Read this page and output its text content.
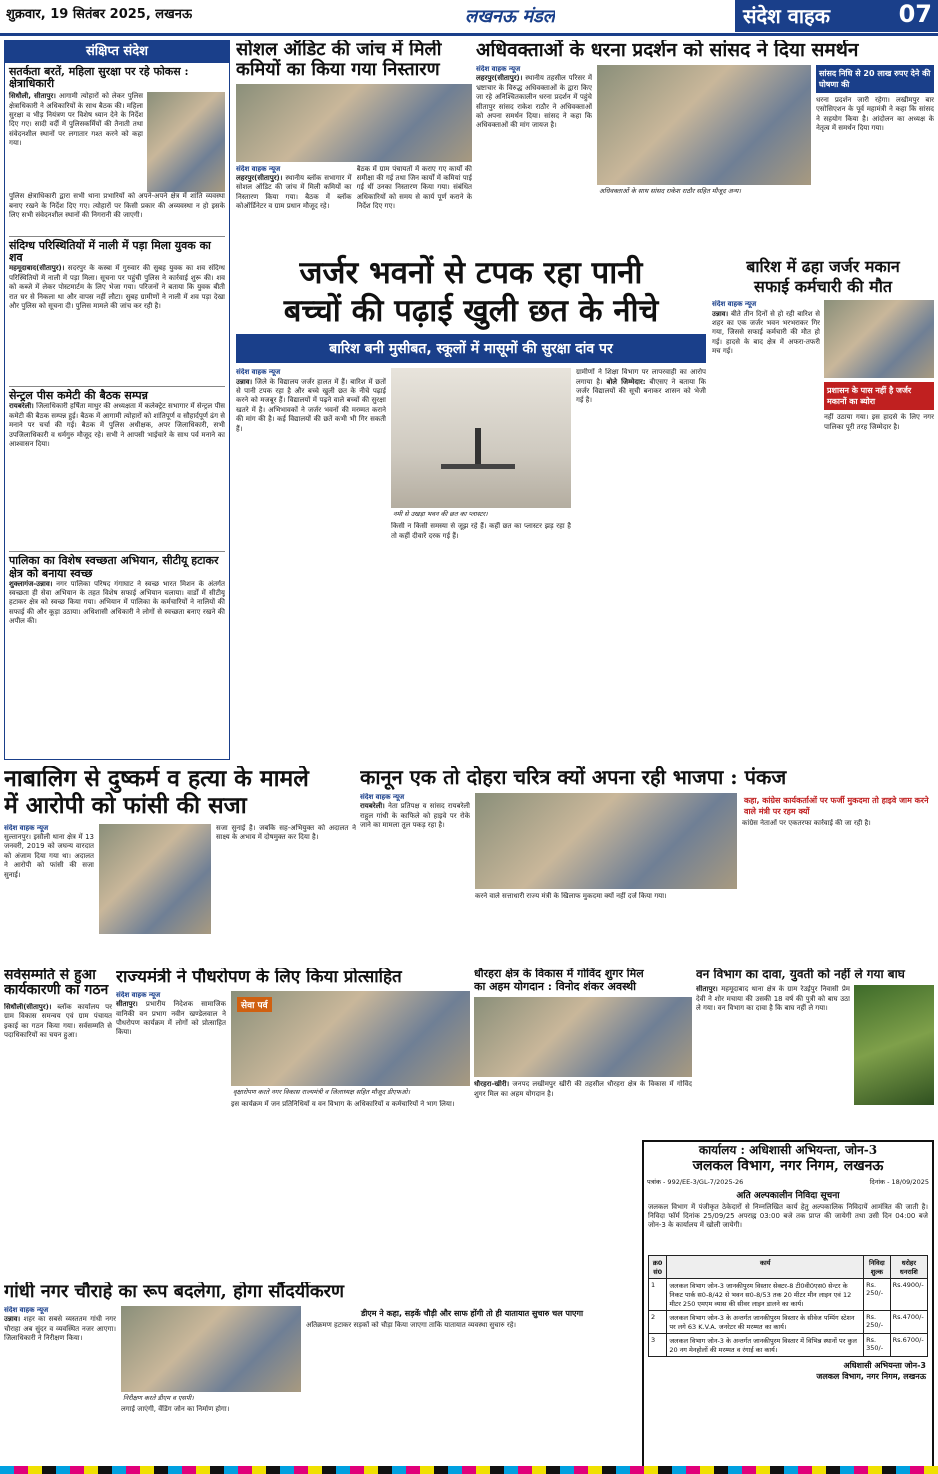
शुक्रवार, 19 सितंबर 2025, लखनऊ	लखनऊ मंडल	संदेश वाहक	07
संक्षिप्त संदेश
सतर्कता बरतें, महिला सुरक्षा पर रहे फोकस : क्षेत्राधिकारी
सिधौली, सीतापुर। आगामी त्योहारों को लेकर पुलिस क्षेत्राधिकारी ने अधिकारियों के साथ बैठक की। महिला सुरक्षा व भीड़ नियंत्रण पर विशेष ध्यान देने के निर्देश दिए गए। सादी वर्दी में पुलिसकर्मियों की तैनाती तथा संवेदनशील स्थानों पर लगातार गश्त करने को कहा गया।
पुलिस क्षेत्राधिकारी द्वारा सभी थाना प्रभारियों को अपने-अपने क्षेत्र में शांति व्यवस्था बनाए रखने के निर्देश दिए गए। त्योहारों पर किसी प्रकार की अव्यवस्था न हो इसके लिए सभी संवेदनशील स्थानों की निगरानी की जाएगी।
संदिग्ध परिस्थितियों में नाली में पड़ा मिला युवक का शव
महमूदाबाद(सीतापुर)। सदरपुर के कस्बा में गुरुवार की सुबह युवक का शव संदिग्ध परिस्थितियों में नाली में पड़ा मिला। सूचना पर पहुंची पुलिस ने कार्रवाई शुरू की। शव को कब्जे में लेकर पोस्टमार्टम के लिए भेजा गया। परिजनों ने बताया कि युवक बीती रात घर से निकला था और वापस नहीं लौटा। सुबह ग्रामीणों ने नाली में शव पड़ा देखा और पुलिस को सूचना दी। पुलिस मामले की जांच कर रही है।
सेन्ट्रल पीस कमेटी की बैठक सम्पन्न
रायबरेली। जिलाधिकारी हर्षिता माथुर की अध्यक्षता में कलेक्ट्रेट सभागार में सेन्ट्रल पीस कमेटी की बैठक सम्पन्न हुई। बैठक में आगामी त्योहारों को शांतिपूर्ण व सौहार्दपूर्ण ढंग से मनाने पर चर्चा की गई। बैठक में पुलिस अधीक्षक, अपर जिलाधिकारी, सभी उपजिलाधिकारी व धर्मगुरु मौजूद रहे। सभी ने आपसी भाईचारे के साथ पर्व मनाने का आश्वासन दिया।
पालिका का विशेष स्वच्छता अभियान, सीटीयू हटाकर क्षेत्र को बनाया स्वच्छ
शुक्लागंज-उन्नाव। नगर पालिका परिषद गंगाघाट ने स्वच्छ भारत मिशन के अंतर्गत स्वच्छता ही सेवा अभियान के तहत विशेष सफाई अभियान चलाया। वार्डों में सीटीयू हटाकर क्षेत्र को स्वच्छ किया गया। अभियान में पालिका के कर्मचारियों ने नालियों की सफाई की और कूड़ा उठाया। अधिशासी अधिकारी ने लोगों से स्वच्छता बनाए रखने की अपील की।
सोशल ऑडिट की जांच में मिली कमियों का किया गया निस्तारण
संदेश वाहक न्यूज
लहरपुर(सीतापुर)। स्थानीय ब्लॉक सभागार में सोशल ऑडिट की जांच में मिली कमियों का निस्तारण किया गया। बैठक में ब्लॉक कोऑर्डिनेटर व ग्राम प्रधान मौजूद रहे।
बैठक में ग्राम पंचायतों में कराए गए कार्यों की समीक्षा की गई तथा जिन कार्यों में कमियां पाई गई थीं उनका निस्तारण किया गया। संबंधित अधिकारियों को समय से कार्य पूर्ण कराने के निर्देश दिए गए।
अधिवक्ताओं के धरना प्रदर्शन को सांसद ने दिया समर्थन
संदेश वाहक न्यूज
लहरपुर(सीतापुर)। स्थानीय तहसील परिसर में भ्रष्टाचार के विरुद्ध अधिवक्ताओं के द्वारा किए जा रहे अनिश्चितकालीन धरना प्रदर्शन में पहुंचे सीतापुर सांसद राकेश राठौर ने अधिवक्ताओं को अपना समर्थन दिया। सांसद ने कहा कि अधिवक्ताओं की मांग जायज है।
अधिवक्ताओं के साथ सांसद राकेश राठौर सहित मौजूद अन्य।
सांसद निधि से 20 लाख रुपए देने की घोषणा की
धरना प्रदर्शन जारी रहेगा। लखीमपुर बार एसोसिएशन के पूर्व महामंत्री ने कहा कि सांसद ने सहयोग किया है। आंदोलन का अध्यक्ष के नेतृत्व में समर्थन दिया गया।
जर्जर भवनों से टपक रहा पानी
बच्चों की पढ़ाई खुली छत के नीचे
बारिश बनी मुसीबत, स्कूलों में मासूमों की सुरक्षा दांव पर
संदेश वाहक न्यूज
उन्नाव। जिले के विद्यालय जर्जर हालत में हैं। बारिश में छतों से पानी टपक रहा है और बच्चे खुली छत के नीचे पढ़ाई करने को मजबूर हैं। विद्यालयों में पढ़ने वाले बच्चों की सुरक्षा खतरे में है। अभिभावकों ने जर्जर भवनों की मरम्मत कराने की मांग की है। कई विद्यालयों की छतें कभी भी गिर सकती हैं।
नमी से उखड़ा भवन की छत का प्लास्टर।
किसी न किसी समस्या से जूझ रहे हैं। कहीं छत का प्लास्टर झड़ रहा है तो कहीं दीवारें दरक गई हैं।
ग्रामीणों ने शिक्षा विभाग पर लापरवाही का आरोप लगाया है। बोले जिम्मेदार: बीएसए ने बताया कि जर्जर विद्यालयों की सूची बनाकर शासन को भेजी गई है।
बारिश में ढहा जर्जर मकान
सफाई कर्मचारी की मौत
संदेश वाहक न्यूज
उन्नाव। बीते तीन दिनों से हो रही बारिश से शहर का एक जर्जर भवन भरभराकर गिर गया, जिससे सफाई कर्मचारी की मौत हो गई। हादसे के बाद क्षेत्र में अफरा-तफरी मच गई।
प्रशासन के पास नहीं है जर्जर मकानों का ब्योरा
नहीं उठाया गया। इस हादसे के लिए नगर पालिका पूरी तरह जिम्मेदार है।
नाबालिग से दुष्कर्म व हत्या के मामले
में आरोपी को फांसी की सजा
संदेश वाहक न्यूज
सुल्तानपुर। इसौली थाना क्षेत्र में 13 जनवरी, 2019 को जघन्य वारदात को अंजाम दिया गया था। अदालत ने आरोपी को फांसी की सजा सुनाई।
सजा सुनाई है। जबकि सह-अभियुक्त को अदालत ने साक्ष्य के अभाव में दोषमुक्त कर दिया है।
कानून एक तो दोहरा चरित्र क्यों अपना रही भाजपा : पंकज
संदेश वाहक न्यूज
रायबरेली। नेता प्रतिपक्ष व सांसद रायबरेली राहुल गांधी के काफिले को हाइवे पर रोके जाने का मामला तूल पकड़ रहा है।
करने वाले सत्ताधारी राज्य मंत्री के खिलाफ मुकदमा क्यों नहीं दर्ज किया गया।
कहा, कांग्रेस कार्यकर्ताओं पर फर्जी मुकदमा तो हाइवे जाम करने वाले मंत्री पर रहम क्यों
कांग्रेस नेताओं पर एकतरफा कार्रवाई की जा रही है।
सर्वसम्मति से हुआ कार्यकारणी का गठन
सिधौली(सीतापुर)। ब्लॉक कार्यालय पर ग्राम विकास समन्वय एवं ग्राम पंचायत इकाई का गठन किया गया। सर्वसम्मति से पदाधिकारियों का चयन हुआ।
राज्यमंत्री ने पौधरोपण के लिए किया प्रोत्साहित
संदेश वाहक न्यूज
सीतापुर। प्रभारीय निदेशक सामाजिक वानिकी वन प्रभाग नवीन खण्डेलवाल ने पौधरोपण कार्यक्रम में लोगों को प्रोत्साहित किया।
सेवा पर्व
वृक्षारोपण करते नगर विकास राज्यमंत्री व जिलाध्यक्ष सहित मौजूद डीएफओ।
इस कार्यक्रम में जन प्रतिनिधियों व वन विभाग के अधिकारियों व कर्मचारियों ने भाग लिया।
धौरहरा क्षेत्र के विकास में गोविंद शुगर मिल
का अहम योगदान : विनोद शंकर अवस्थी
धौरहरा-खीरी। जनपद लखीमपुर खीरी की तहसील धौरहरा क्षेत्र के विकास में गोविंद शुगर मिल का अहम योगदान है।
वन विभाग का दावा, युवती को नहीं ले गया बाघ
सीतापुर। महमूदाबाद थाना क्षेत्र के ग्राम रेउईपुर निवासी प्रेम देवी ने शोर मचाया की उसकी 18 वर्ष की पुत्री को बाघ उठा ले गया। वन विभाग का दावा है कि बाघ नहीं ले गया।
कार्यालय : अधिशासी अभियन्ता, जोन-3
जलकल विभाग, नगर निगम, लखनऊ
पत्रांक - 992/EE-3/GL-7/2025-26	दिनांक - 18/09/2025
अति अल्पकालीन निविदा सूचना
जलकल विभाग में पंजीकृत ठेकेदारों से निम्नलिखित कार्य हेतु अल्पकालिक निविदायें आमंत्रित की जाती है। निविदा फॉर्म दिनांक 25/09/25 अपराह्न 03:00 बजे तक प्राप्त की जायेगी तथा उसी दिन 04:00 बजे जोन-3 के कार्यालय में खोली जायेगी।
क्र0 सं0	कार्य	निविदा शुल्क	धरोहर धनराशि
1	जलकल विभाग जोन-3 जानकीपुरम विस्तार सेक्टर-8 टी0वी0एस0 सेन्टर के निकट पार्क स0-8/42 से भवन स0-8/53 तक 20 मीटर मीन लाइन एवं 12 मीटर 250 एमएम व्यास की सीवर लाइन डालने का कार्य।	Rs. 250/-	Rs.4900/-
2	जलकल विभाग जोन-3 के अन्तर्गत जानकीपुरम विस्तार के सीवेज पम्पिंग स्टेशन पर लगे 63 K.V.A. जनरेटर की मरम्मत का कार्य।	Rs. 250/-	Rs.4700/-
3	जलकल विभाग जोन-3 के अन्तर्गत जानकीपुरम विस्तार में विभिन्न स्थानों पर कुल 20 नग मेनहोलों की मरम्मत व रंगाई का कार्य।	Rs. 350/-	Rs.6700/-
अधिशासी अभियन्ता जोन-3
जलकल विभाग, नगर निगम, लखनऊ
गांधी नगर चौराहे का रूप बदलेगा, होगा सौंदर्यीकरण
संदेश वाहक न्यूज
उन्नाव। शहर का सबसे व्यस्ततम गांधी नगर चौराहा अब सुंदर व व्यवस्थित नजर आएगा। जिलाधिकारी ने निरीक्षण किया।
निरीक्षण करते डीएम व एसपी।
लगाई जाएंगी, वेंडिंग जोन का निर्माण होगा।
डीएम ने कहा, सड़कें चौड़ी और साफ होंगी तो ही यातायात सुचारु चल पाएगा
अतिक्रमण हटाकर सड़कों को चौड़ा किया जाएगा ताकि यातायात व्यवस्था सुचारु रहे।
